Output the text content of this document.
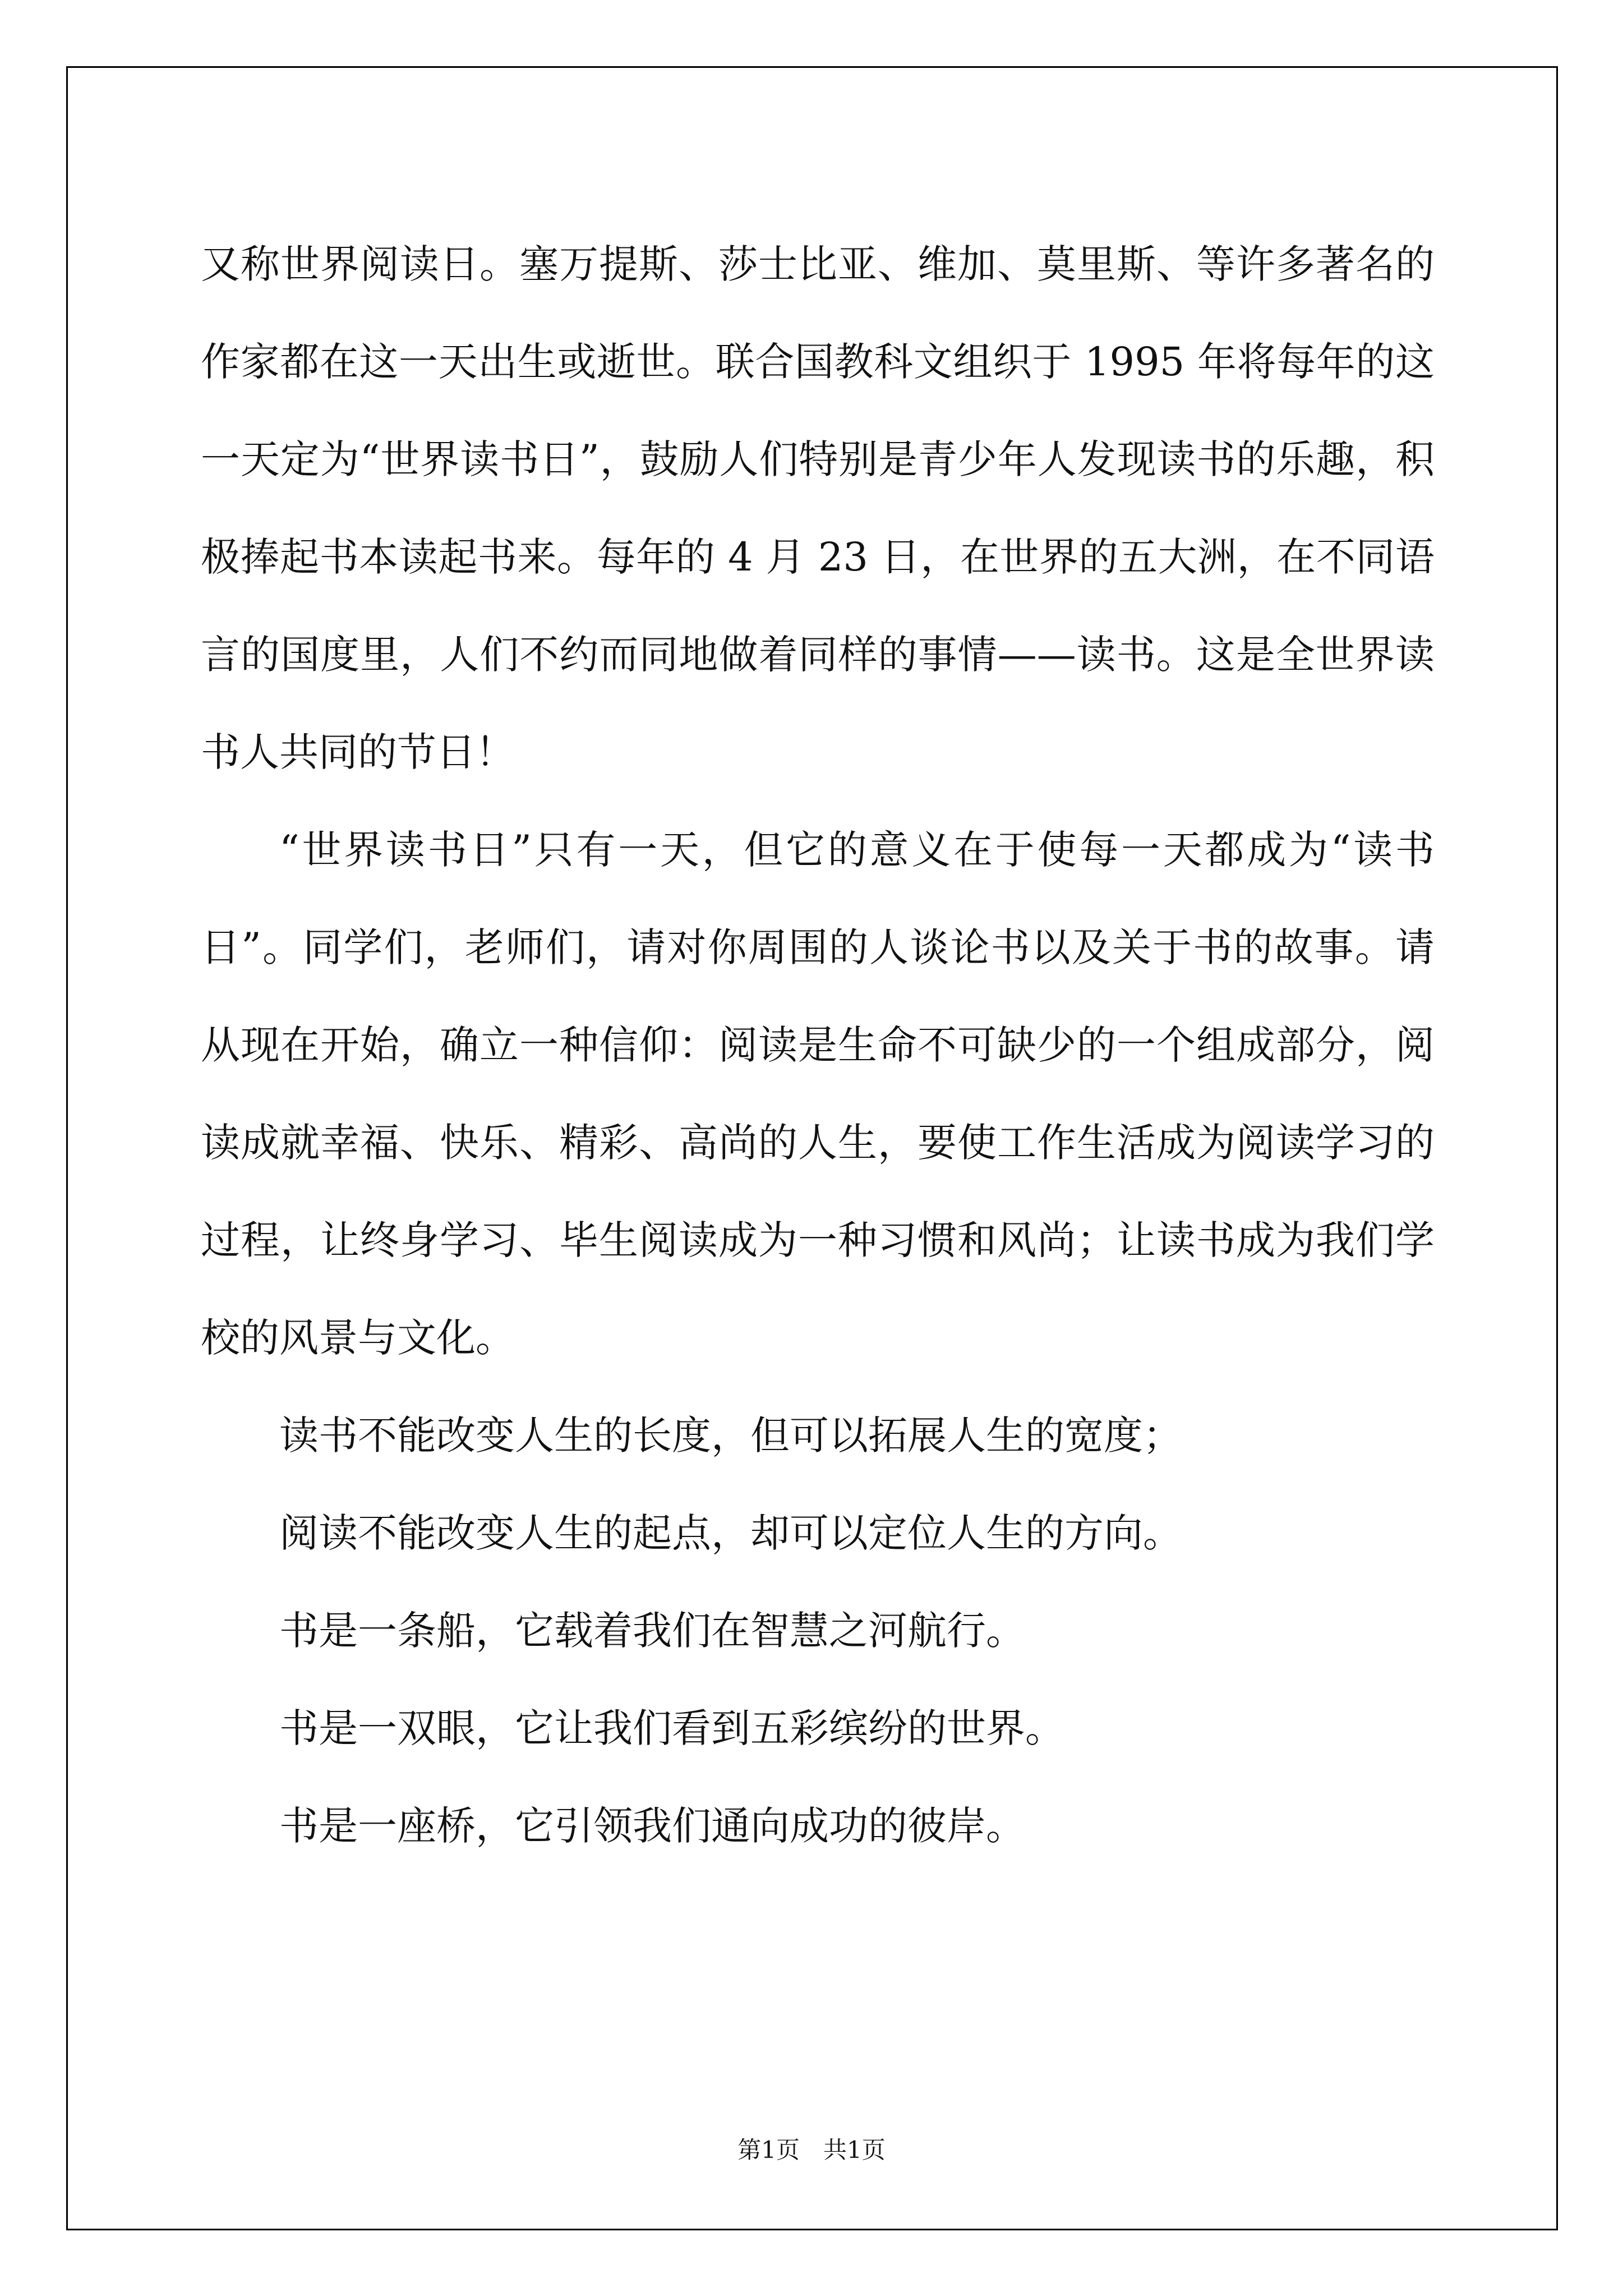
又称世界阅读日。塞万提斯、莎士比亚、维加、莫里斯、等许多著名的作家都在这一天出生或逝世。联合国教科文组织于 1995 年将每年的这一天定为“世界读书日”，鼓励人们特别是青少年人发现读书的乐趣，积极捧起书本读起书来。每年的 4 月 23 日，在世界的五大洲，在不同语言的国度里，人们不约而同地做着同样的事情——读书。这是全世界读书人共同的节日！

“世界读书日”只有一天，但它的意义在于使每一天都成为“读书日”。同学们，老师们，请对你周围的人谈论书以及关于书的故事。请从现在开始，确立一种信仰：阅读是生命不可缺少的一个组成部分，阅读成就幸福、快乐、精彩、高尚的人生，要使工作生活成为阅读学习的过程，让终身学习、毕生阅读成为一种习惯和风尚；让读书成为我们学校的风景与文化。

读书不能改变人生的长度，但可以拓展人生的宽度；

阅读不能改变人生的起点，却可以定位人生的方向。

书是一条船，它载着我们在智慧之河航行。

书是一双眼，它让我们看到五彩缤纷的世界。

书是一座桥，它引领我们通向成功的彼岸。

第1页 共1页
